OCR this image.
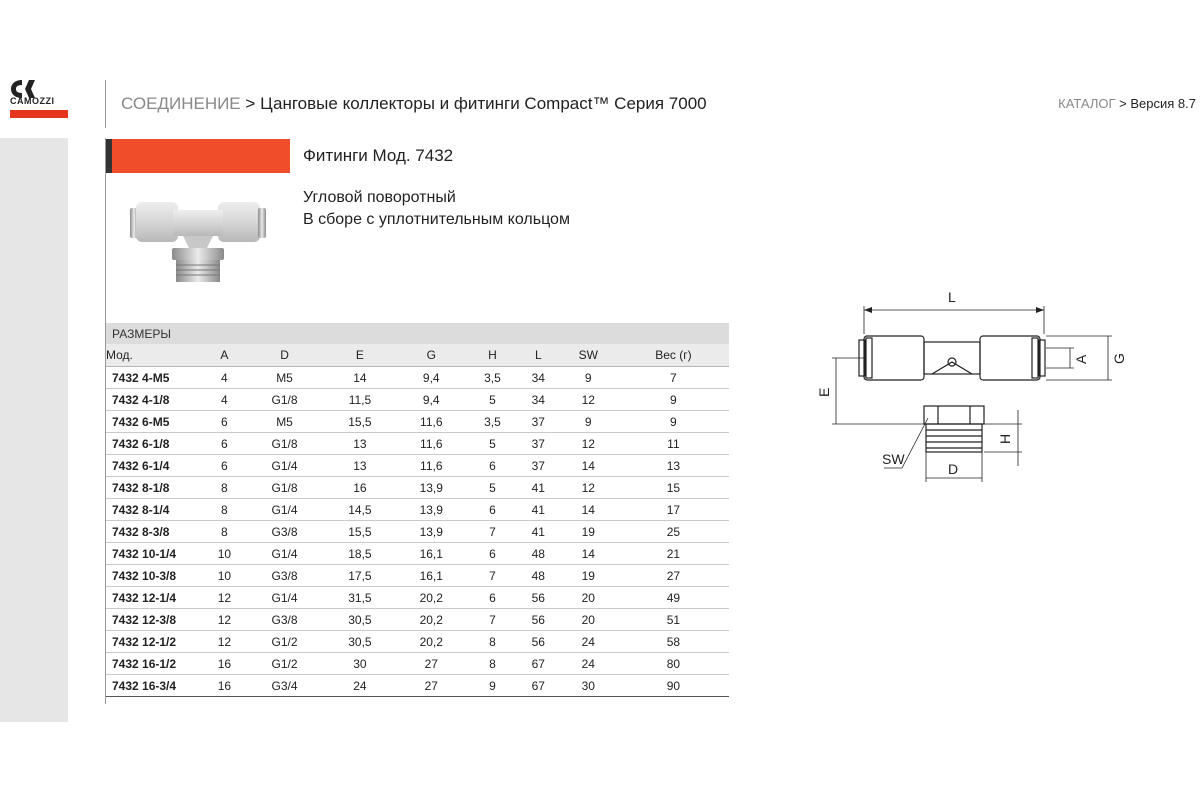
CAMOZZI	СОЕДИНЕНИЕ > Цанговые коллекторы и фитинги Compact™ Серия 7000	КАТАЛОГ > Версия 8.7
Фитинги Мод. 7432
Угловой поворотный
В сборе с уплотнительным кольцом
РАЗМЕРЫ								
Мод.	A	D	E	G	H	L	SW	Вес (г)
7432 4-M5	4	M5	14	9,4	3,5	34	9	7
7432 4-1/8	4	G1/8	11,5	9,4	5	34	12	9
7432 6-M5	6	M5	15,5	11,6	3,5	37	9	9
7432 6-1/8	6	G1/8	13	11,6	5	37	12	11
7432 6-1/4	6	G1/4	13	11,6	6	37	14	13
7432 8-1/8	8	G1/8	16	13,9	5	41	12	15
7432 8-1/4	8	G1/4	14,5	13,9	6	41	14	17
7432 8-3/8	8	G3/8	15,5	13,9	7	41	19	25
7432 10-1/4	10	G1/4	18,5	16,1	6	48	14	21
7432 10-3/8	10	G3/8	17,5	16,1	7	48	19	27
7432 12-1/4	12	G1/4	31,5	20,2	6	56	20	49
7432 12-3/8	12	G3/8	30,5	20,2	7	56	20	51
7432 12-1/2	12	G1/2	30,5	20,2	8	56	24	58
7432 16-1/2	16	G1/2	30	27	8	67	24	80
7432 16-3/4	16	G3/4	24	27	9	67	30	90
L
A G
E
H
D
SW
